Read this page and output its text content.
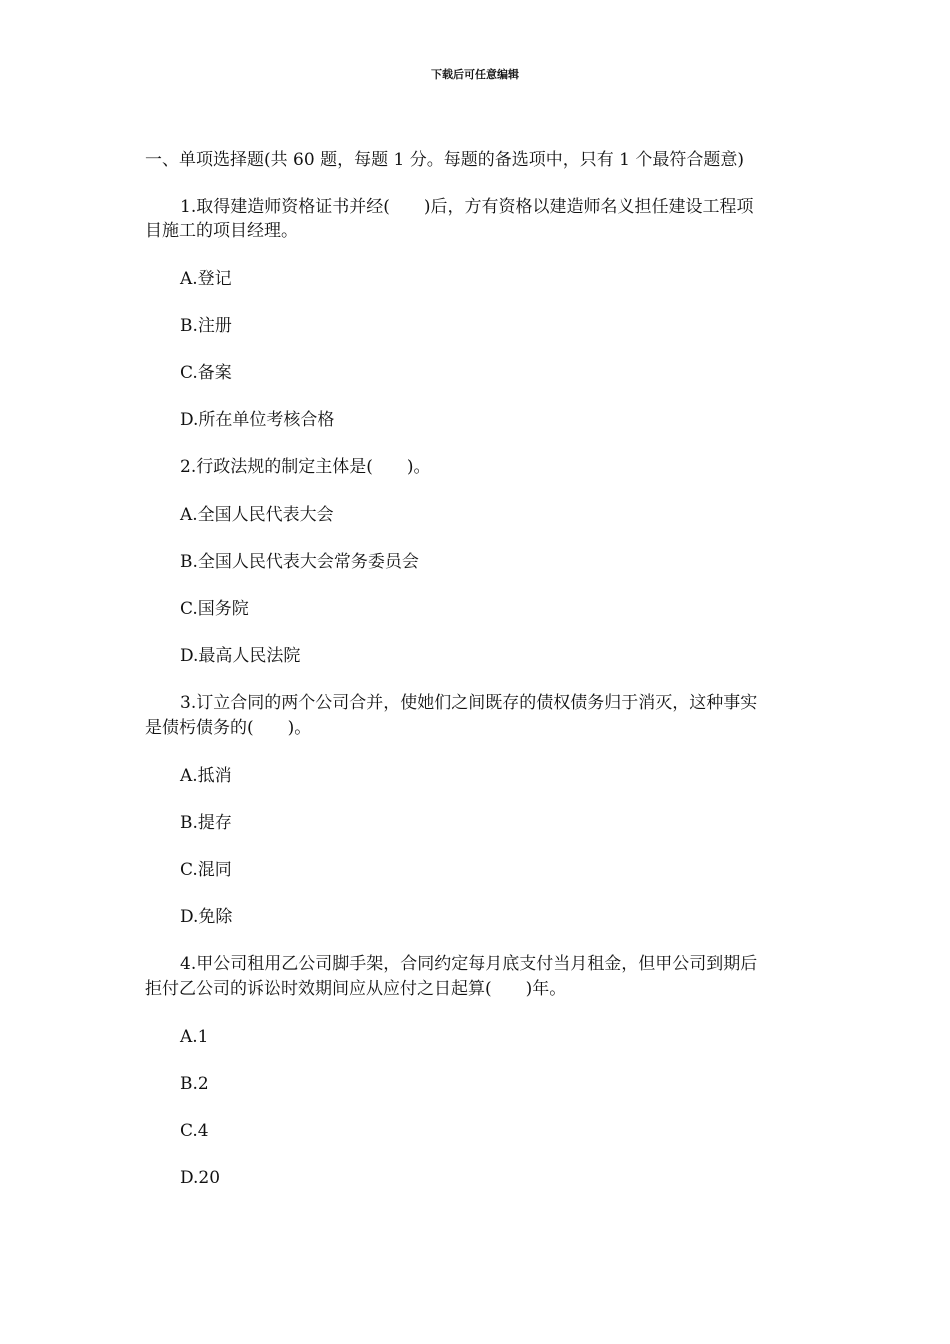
下载后可任意编辑
一、单项选择题(共 60 题，每题 1 分。每题的备选项中，只有 1 个最符合题意)
1.取得建造师资格证书并经(　　)后，方有资格以建造师名义担任建设工程项
目施工的项目经理。
A.登记
B.注册
C.备案
D.所在单位考核合格
2.行政法规的制定主体是(　　)。
A.全国人民代表大会
B.全国人民代表大会常务委员会
C.国务院
D.最高人民法院
3.订立合同的两个公司合并，使她们之间既存的债权债务归于消灭，这种事实
是债杇债务的(　　)。
A.抵消
B.提存
C.混同
D.免除
4.甲公司租用乙公司脚手架，合同约定每月底支付当月租金，但甲公司到期后
拒付乙公司的诉讼时效期间应从应付之日起算(　　)年。
A.1
B.2
C.4
D.20
